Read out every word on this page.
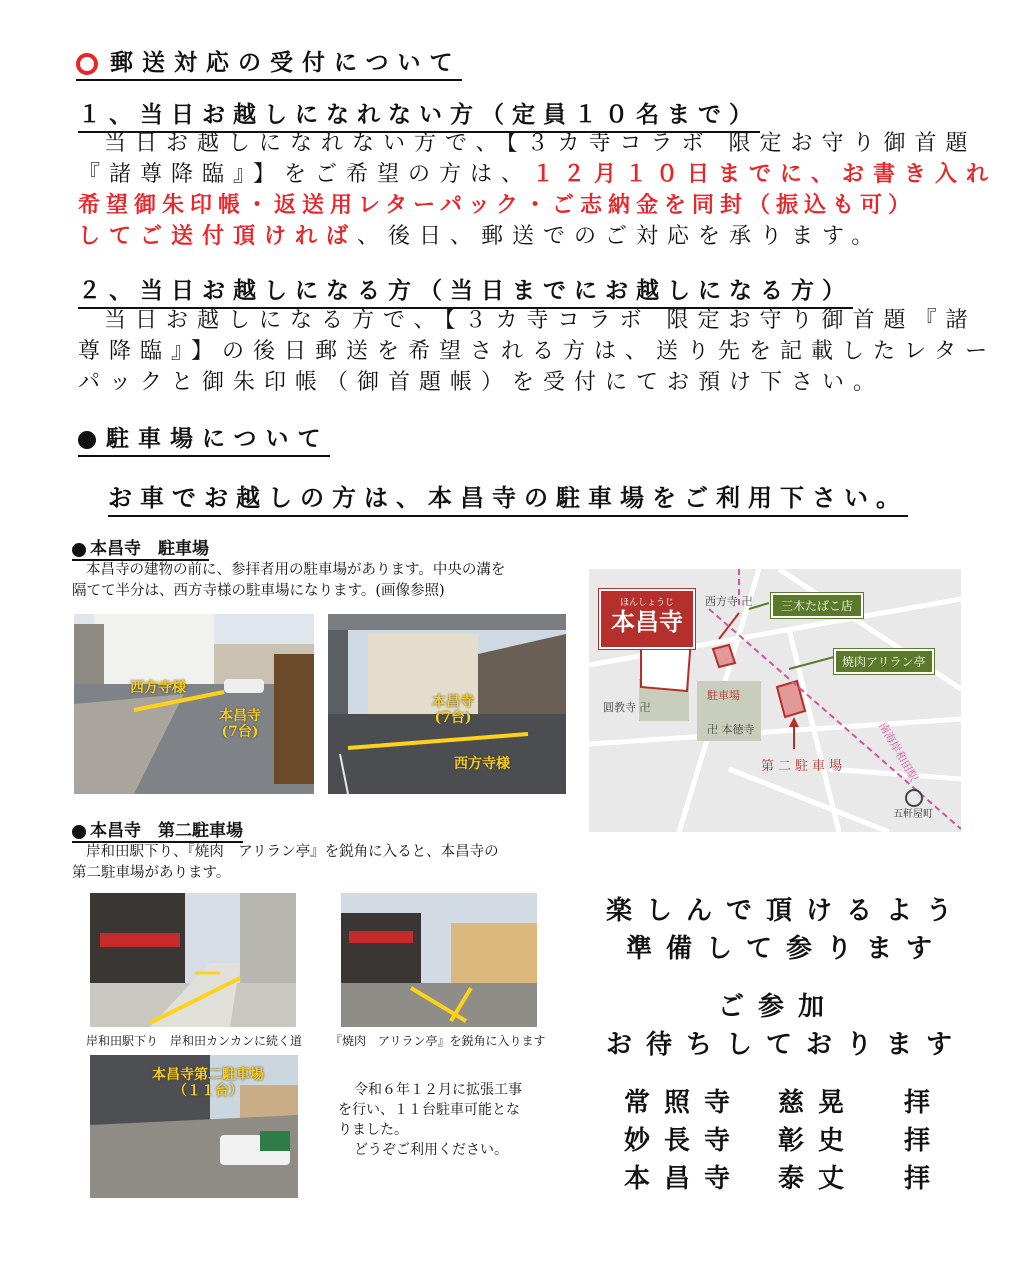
郵送対応の受付について
１、当日お越しになれない方（定員１０名まで）
当日お越しになれない方で、【３カ寺コラボ 限定お守り御首題
『諸尊降臨』】をご希望の方は、１２月１０日までに、お書き入れ
希望御朱印帳・返送用レターパック・ご志納金を同封（振込も可）
してご送付頂ければ、後日、郵送でのご対応を承ります。
２、当日お越しになる方（当日までにお越しになる方）
当日お越しになる方で、【３カ寺コラボ 限定お守り御首題『諸
尊降臨』】の後日郵送を希望される方は、送り先を記載したレター
パックと御朱印帳（御首題帳）を受付にてお預け下さい。
駐車場について
お車でお越しの方は、本昌寺の駐車場をご利用下さい。
本昌寺　駐車場
本昌寺の建物の前に、参拝者用の駐車場があります。中央の溝を
隔てて半分は、西方寺様の駐車場になります。(画像参照)
西方寺様
本昌寺
(7台)
本昌寺
(7台)
西方寺様
本昌寺　第二駐車場
岸和田駅下り、『焼肉　アリラン亭』を鋭角に入ると、本昌寺の
第二駐車場があります。
岸和田駅下り　岸和田カンカンに続く道 『焼肉　アリラン亭』を鋭角に入ります
本昌寺第二駐車場
（１１台）	令和６年１２月に拡張工事
を行い、１１台駐車可能とな
りました。
どうぞご利用ください。
ほんしょうじ
本昌寺
西方寺 卍	三木たばこ店
焼肉アリラン亭
駐車場
圓教寺 卍
卍 本徳寺
第二駐車場	南海岸和田駅
五軒屋町
楽しんで頂けるよう
準備して参ります
ご参加
お待ちしております
常照寺 慈晃 拝
妙長寺 彰史 拝
本昌寺 泰丈 拝
